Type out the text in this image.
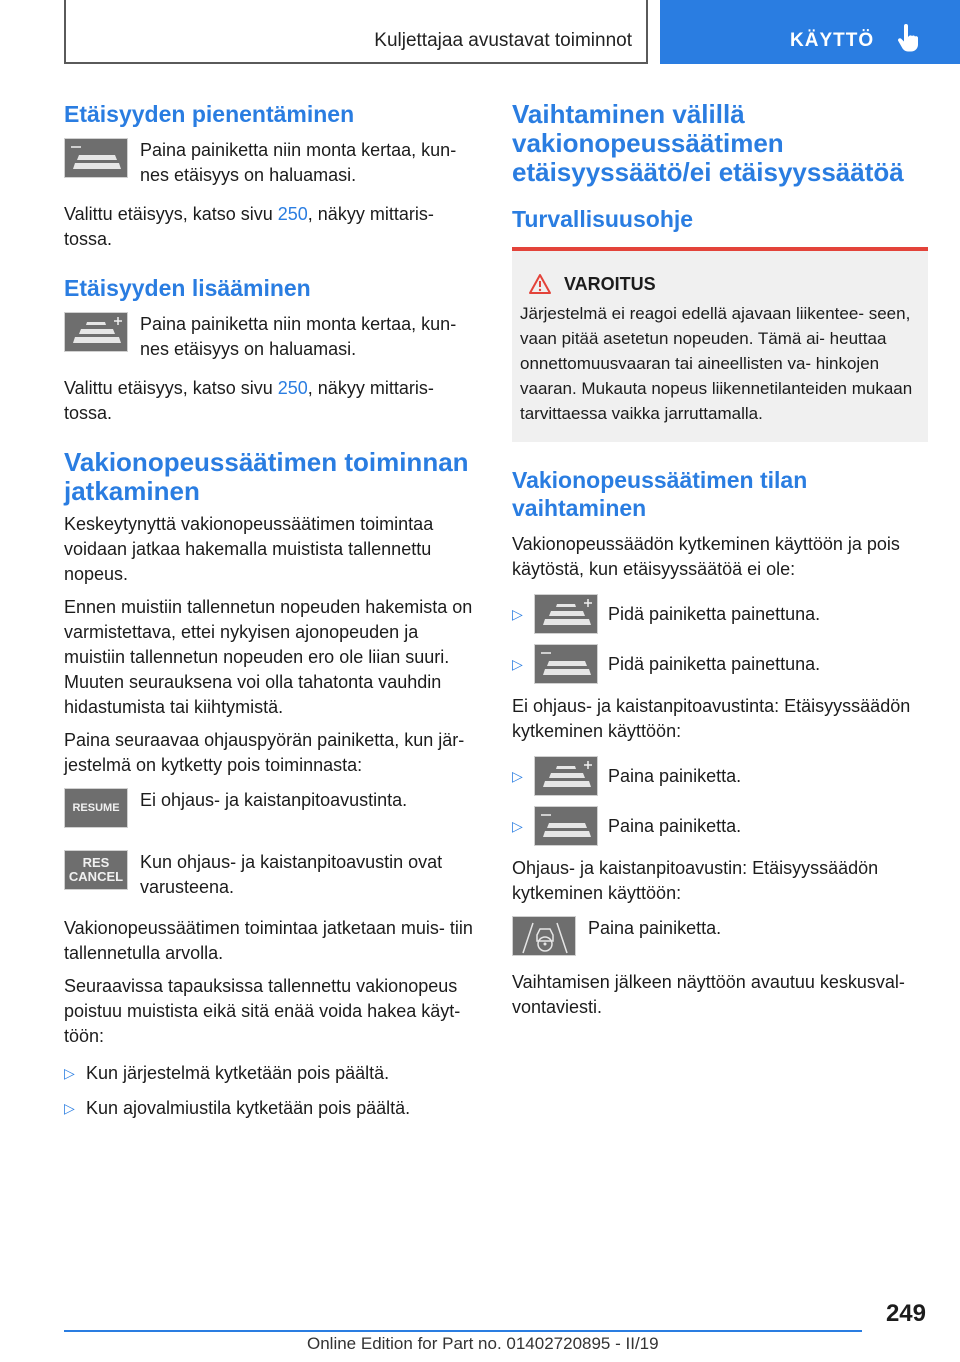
Kuljettajaa avustavat toiminnot	KÄYTTÖ
Etäisyyden pienentäminen
Paina painiketta niin monta kertaa, kun- nes etäisyys on haluamasi.

Valittu etäisyys, katso sivu 250, näkyy mittaris- tossa.

Etäisyyden lisääminen
Paina painiketta niin monta kertaa, kun- nes etäisyys on haluamasi.

Valittu etäisyys, katso sivu 250, näkyy mittaris- tossa.

Vakionopeussäätimen toiminnan jatkaminen

Keskeytynyttä vakionopeussäätimen toimintaa voidaan jatkaa hakemalla muistista tallennettu nopeus.

Ennen muistiin tallennetun nopeuden hakemista on varmistettava, ettei nykyisen ajonopeuden ja muistiin tallennetun nopeuden ero ole liian suuri. Muuten seurauksena voi olla tahatonta vauhdin hidastumista tai kiihtymistä.

Paina seuraavaa ohjauspyörän painiketta, kun jär- jestelmä on kytketty pois toiminnasta:

RESUME	Ei ohjaus- ja kaistanpitoavustinta.
RES
CANCEL
Kun ohjaus- ja kaistanpitoavustin ovat varusteena.

Vakionopeussäätimen toimintaa jatketaan muis- tiin tallennetulla arvolla.

Seuraavissa tapauksissa tallennettu vakionopeus poistuu muistista eikä sitä enää voida hakea käyt- töön:

▷ Kun järjestelmä kytketään pois päältä.
▷ Kun ajovalmiustila kytketään pois päältä.
Vaihtaminen välillä vakionopeussäätimen etäisyyssäätö/ei etäisyyssäätöä
Turvallisuusohje
VAROITUS

Järjestelmä ei reagoi edellä ajavaan liikentee- seen, vaan pitää asetetun nopeuden. Tämä ai- heuttaa onnettomuusvaaran tai aineellisten va- hinkojen vaaran. Mukauta nopeus liikennetilanteiden mukaan tarvittaessa vaikka jarruttamalla.

Vakionopeussäätimen tilan vaihtaminen

Vakionopeussäädön kytkeminen käyttöön ja pois käytöstä, kun etäisyyssäätöä ei ole:

▷	Pidä painiketta painettuna.
▷	Pidä painiketta painettuna.

Ei ohjaus- ja kaistanpitoavustinta: Etäisyyssäädön kytkeminen käyttöön:

▷	Paina painiketta.
▷	Paina painiketta.

Ohjaus- ja kaistanpitoavustin: Etäisyyssäädön kytkeminen käyttöön:

Paina painiketta.

Vaihtamisen jälkeen näyttöön avautuu keskusval- vontaviesti.

249
Online Edition for Part no. 01402720895 - II/19
